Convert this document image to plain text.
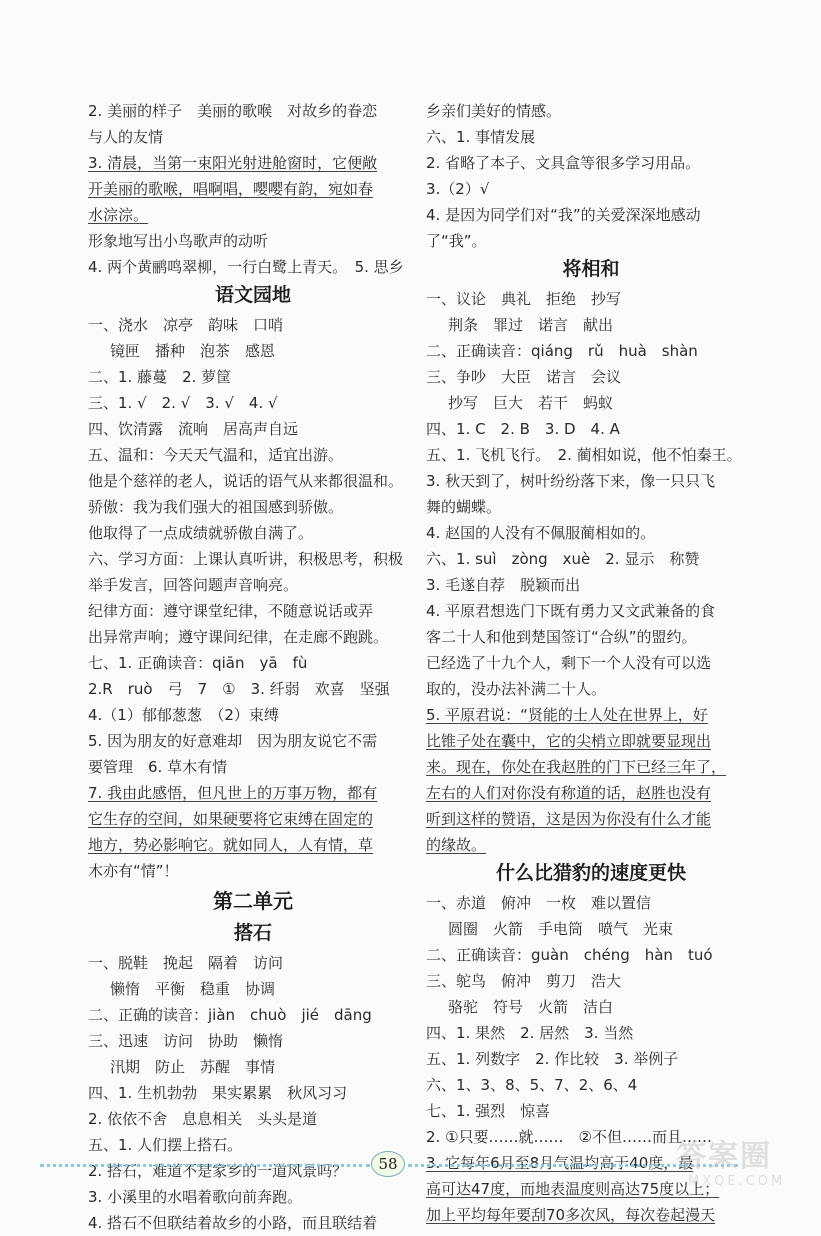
2. 美丽的样子　美丽的歌喉　对故乡的眷恋
与人的友情
3. 清晨，当第一束阳光射进舱窗时，它便敞
开美丽的歌喉，唱啊唱，嘤嘤有韵，宛如春
水淙淙。
形象地写出小鸟歌声的动听
4. 两个黄鹂鸣翠柳，一行白鹭上青天。　5. 思乡
语文园地
一、浇水　凉亭　韵味　口哨
镜匣　播种　泡茶　感恩
二、1. 藤蔓　2. 萝筐
三、1. √　2. √　3. √　4. √
四、饮清露　流响　居高声自远
五、温和：今天天气温和，适宜出游。
他是个慈祥的老人，说话的语气从来都很温和。
骄傲：我为我们强大的祖国感到骄傲。
他取得了一点成绩就骄傲自满了。
六、学习方面：上课认真听讲，积极思考，积极
举手发言，回答问题声音响亮。
纪律方面：遵守课堂纪律，不随意说话或弄
出异常声响；遵守课间纪律，在走廊不跑跳。
七、1. 正确读音：qiān　yā　fù
2.R　ruò　弓　7　①　3. 纤弱　欢喜　坚强
4.（1）郁郁葱葱　（2）束缚
5. 因为朋友的好意难却　因为朋友说它不需
要管理　6. 草木有情
7. 我由此感悟，但凡世上的万事万物，都有
它生存的空间，如果硬要将它束缚在固定的
地方，势必影响它。就如同人，人有情，草
木亦有“情”！
第二单元
搭石
一、脱鞋　挽起　隔着　访问
懒惰　平衡　稳重　协调
二、正确的读音：jiàn　chuò　jié　dāng
三、迅速　访问　协助　懒惰
汛期　防止　苏醒　事情
四、1. 生机勃勃　果实累累　秋风习习
2. 依依不舍　息息相关　头头是道
五、1. 人们摆上搭石。
2. 搭石，难道不是家乡的一道风景吗？
3. 小溪里的水唱着歌向前奔跑。
4. 搭石不但联结着故乡的小路，而且联结着
乡亲们美好的情感。
六、1. 事情发展
2. 省略了本子、文具盒等很多学习用品。
3.（2）√
4. 是因为同学们对“我”的关爱深深地感动
了“我”。
将相和
一、议论　典礼　拒绝　抄写
荆条　罪过　诺言　献出
二、正确读音：qiáng　rǔ　huà　shàn
三、争吵　大臣　诺言　会议
抄写　巨大　若干　蚂蚁
四、1. C　2. B　3. D　4. A
五、1. 飞机飞行。　2. 蔺相如说，他不怕秦王。
3. 秋天到了，树叶纷纷落下来，像一只只飞
舞的蝴蝶。
4. 赵国的人没有不佩服蔺相如的。
六、1. suì　zòng　xuè　2. 显示　称赞
3. 毛遂自荐　脱颖而出
4. 平原君想选门下既有勇力又文武兼备的食
客二十人和他到楚国签订“合纵”的盟约。
已经选了十九个人，剩下一个人没有可以选
取的，没办法补满二十人。
5. 平原君说：“贤能的士人处在世界上，好
比锥子处在囊中，它的尖梢立即就要显现出
来。现在，你处在我赵胜的门下已经三年了，
左右的人们对你没有称道的话，赵胜也没有
听到这样的赞语，这是因为你没有什么才能
的缘故。
什么比猎豹的速度更快
一、赤道　俯冲　一枚　难以置信
圆圈　火箭　手电筒　喷气　光束
二、正确读音：guàn　chéng　hàn　tuó
三、鸵鸟　俯冲　剪刀　浩大
骆驼　符号　火箭　洁白
四、1. 果然　2. 居然　3. 当然
五、1. 列数字　2. 作比较　3. 举例子
六、1、3、8、5、7、2、6、4
七、1. 强烈　惊喜
2. ①只要……就……　②不但……而且……
3. 它每年6月至8月气温均高于40度，最
高可达47度，而地表温度则高达75度以上；
加上平均每年要刮70多次风，每次卷起漫天
58	答案圈
MXQE.COM
